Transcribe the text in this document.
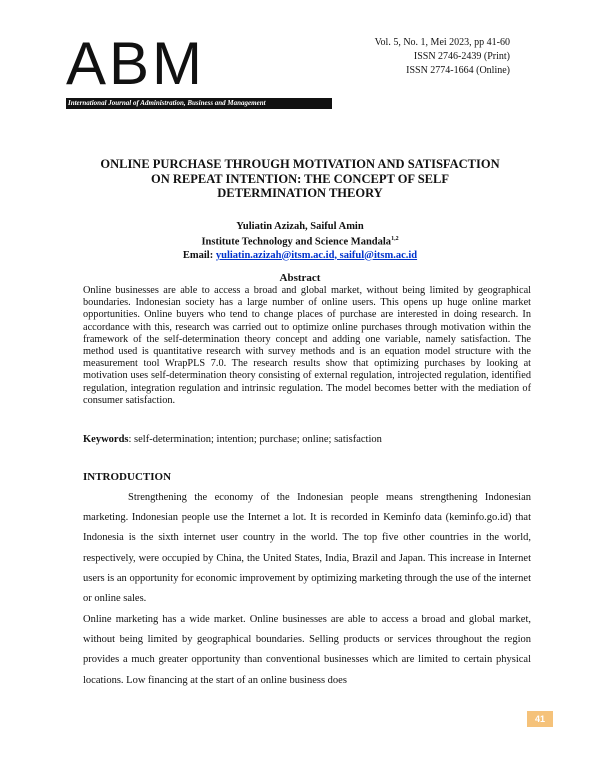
ABM
International Journal of Administration, Business and Management
Vol. 5, No. 1, Mei 2023, pp 41-60
ISSN 2746-2439 (Print)
ISSN 2774-1664 (Online)
ONLINE PURCHASE THROUGH MOTIVATION AND SATISFACTION
ON REPEAT INTENTION: THE CONCEPT OF SELF
DETERMINATION THEORY
Yuliatin Azizah, Saiful Amin
Institute Technology and Science Mandala$^{1,2}$
Email: yuliatin.azizah@itsm.ac.id, saiful@itsm.ac.id
Abstract
Online businesses are able to access a broad and global market, without being limited by geographical boundaries. Indonesian society has a large number of online users. This opens up huge online market opportunities. Online buyers who tend to change places of purchase are interested in doing research. In accordance with this, research was carried out to optimize online purchases through motivation within the framework of the self-determination theory concept and adding one variable, namely satisfaction. The method used is quantitative research with survey methods and is an equation model structure with the measurement tool WrapPLS 7.0. The research results show that optimizing purchases by looking at motivation uses self-determination theory consisting of external regulation, introjected regulation, identified regulation, integration regulation and intrinsic regulation. The model becomes better with the mediation of consumer satisfaction.
Keywords: self-determination; intention; purchase; online; satisfaction
INTRODUCTION
Strengthening the economy of the Indonesian people means strengthening Indonesian marketing. Indonesian people use the Internet a lot. It is recorded in Keminfo data (keminfo.go.id) that Indonesia is the sixth internet user country in the world. The top five other countries in the world, respectively, were occupied by China, the United States, India, Brazil and Japan. This increase in Internet users is an opportunity for economic improvement by optimizing marketing through the use of the internet or online sales.
Online marketing has a wide market. Online businesses are able to access a broad and global market, without being limited by geographical boundaries. Selling products or services throughout the region provides a much greater opportunity than conventional businesses which are limited to certain physical locations. Low financing at the start of an online business does
41
